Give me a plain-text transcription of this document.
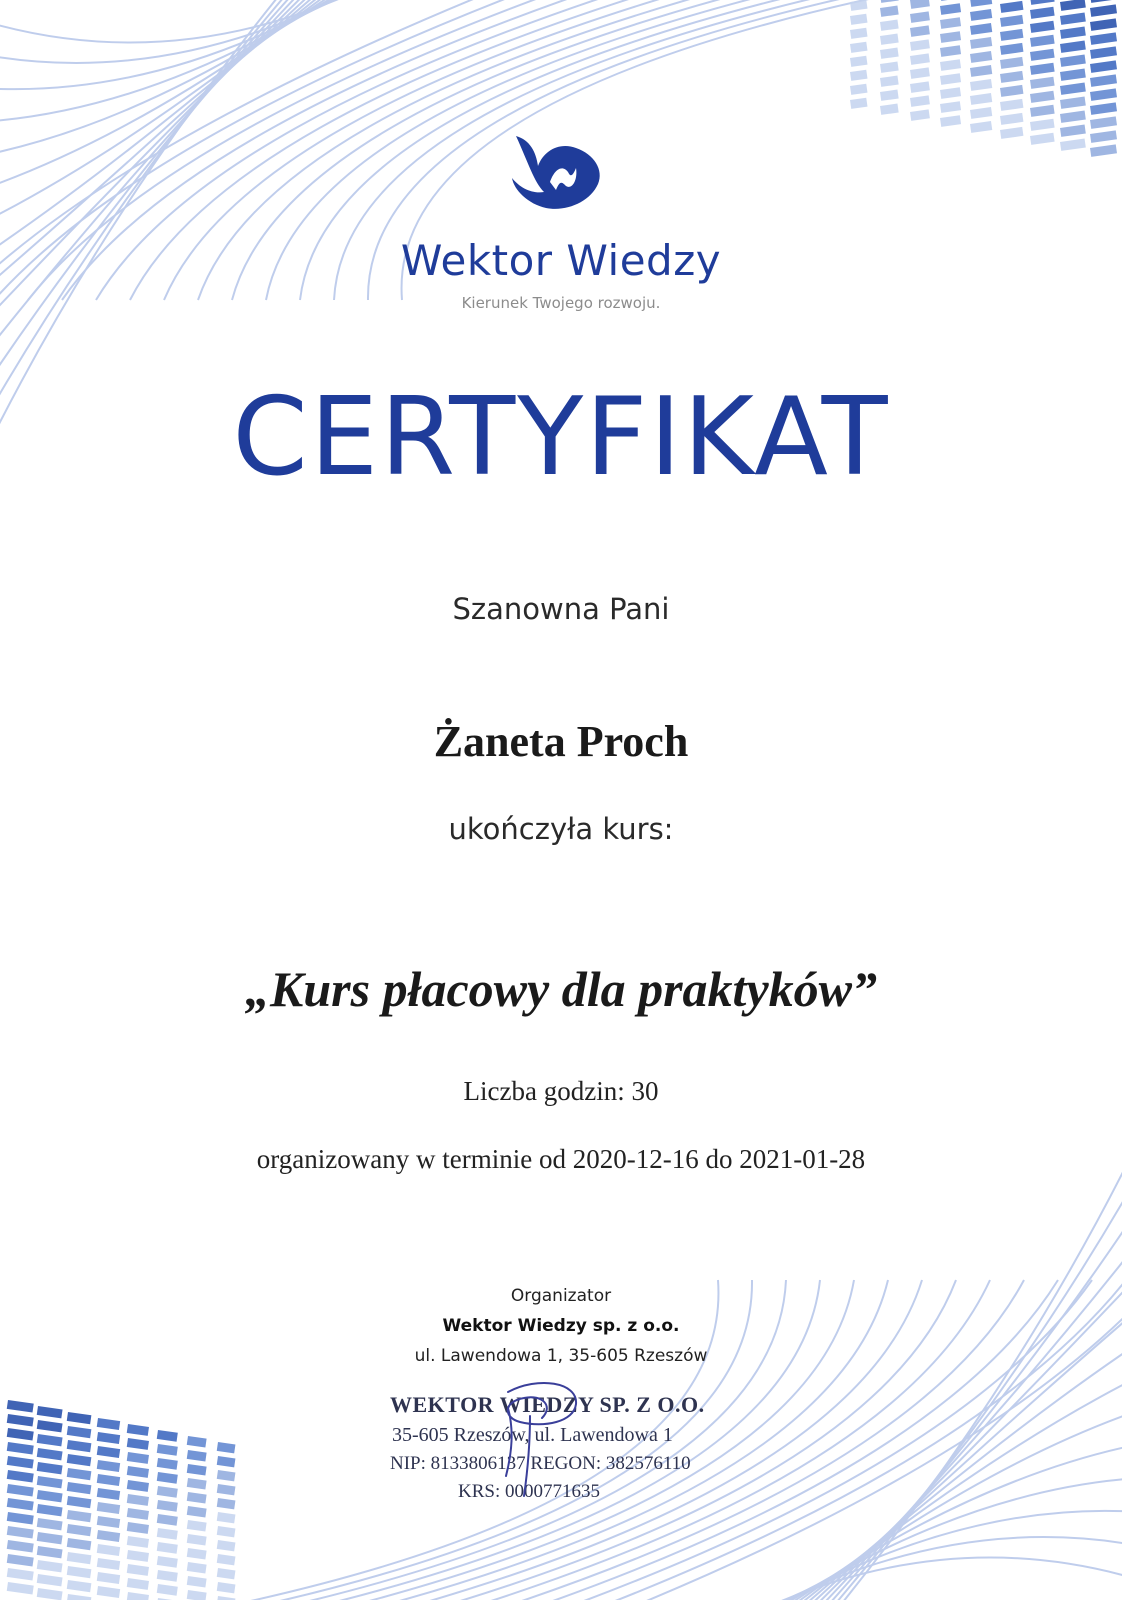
Wektor Wiedzy
Kierunek Twojego rozwoju.
CERTYFIKAT
Szanowna Pani
Żaneta Proch
ukończyła kurs:
„Kurs płacowy dla praktyków”
Liczba godzin: 30
organizowany w terminie od 2020-12-16 do 2021-01-28
Organizator
Wektor Wiedzy sp. z o.o.
ul. Lawendowa 1, 35-605 Rzeszów
WEKTOR WIEDZY SP. Z O.O.
35-605 Rzeszów, ul. Lawendowa 1
NIP: 8133806137 REGON: 382576110
KRS: 0000771635
